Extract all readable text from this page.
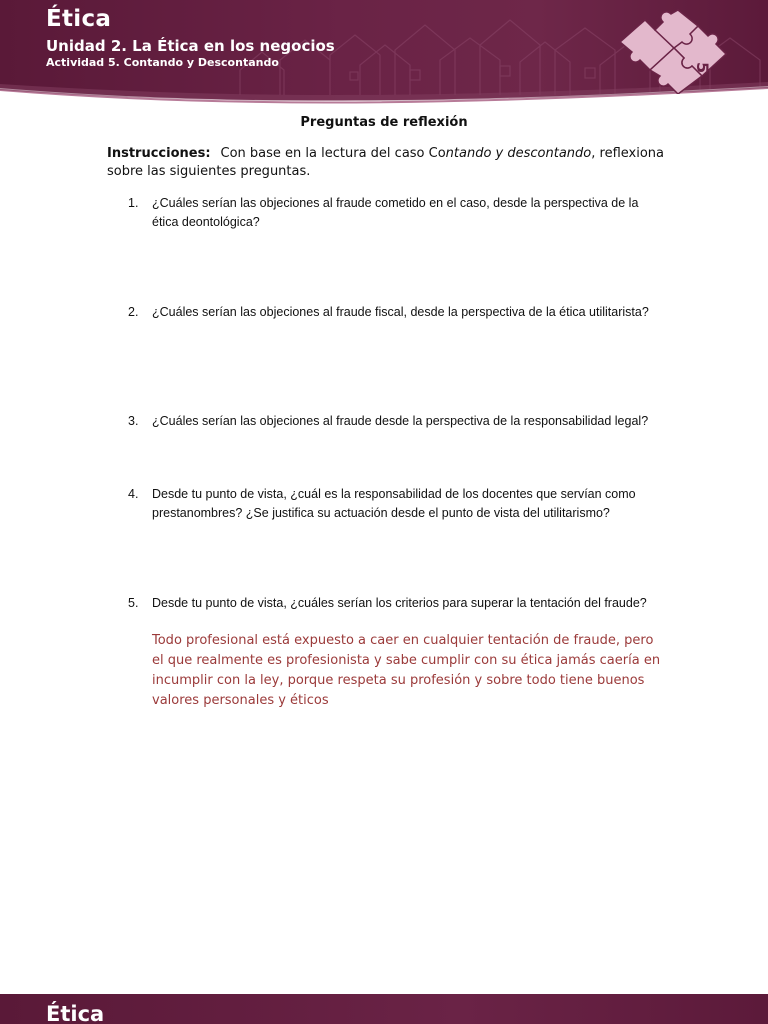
Ética
Unidad 2. La Ética en los negocios
Actividad 5. Contando y Descontando	5
Preguntas de reflexión
Instrucciones: Con base en la lectura del caso Contando y descontando, reflexiona sobre las siguientes preguntas.
1.	¿Cuáles serían las objeciones al fraude cometido en el caso, desde la perspectiva de la ética deontológica?
2.	¿Cuáles serían las objeciones al fraude fiscal, desde la perspectiva de la ética utilitarista?
3.	¿Cuáles serían las objeciones al fraude desde la perspectiva de la responsabilidad legal?
4.	Desde tu punto de vista, ¿cuál es la responsabilidad de los docentes que servían como prestanombres? ¿Se justifica su actuación desde el punto de vista del utilitarismo?
5.	Desde tu punto de vista, ¿cuáles serían los criterios para superar la tentación del fraude?
Todo profesional está expuesto a caer en cualquier tentación de fraude, pero el que realmente es profesionista y sabe cumplir con su ética jamás caería en incumplir con la ley, porque respeta su profesión y sobre todo tiene buenos valores personales y éticos
Ética
